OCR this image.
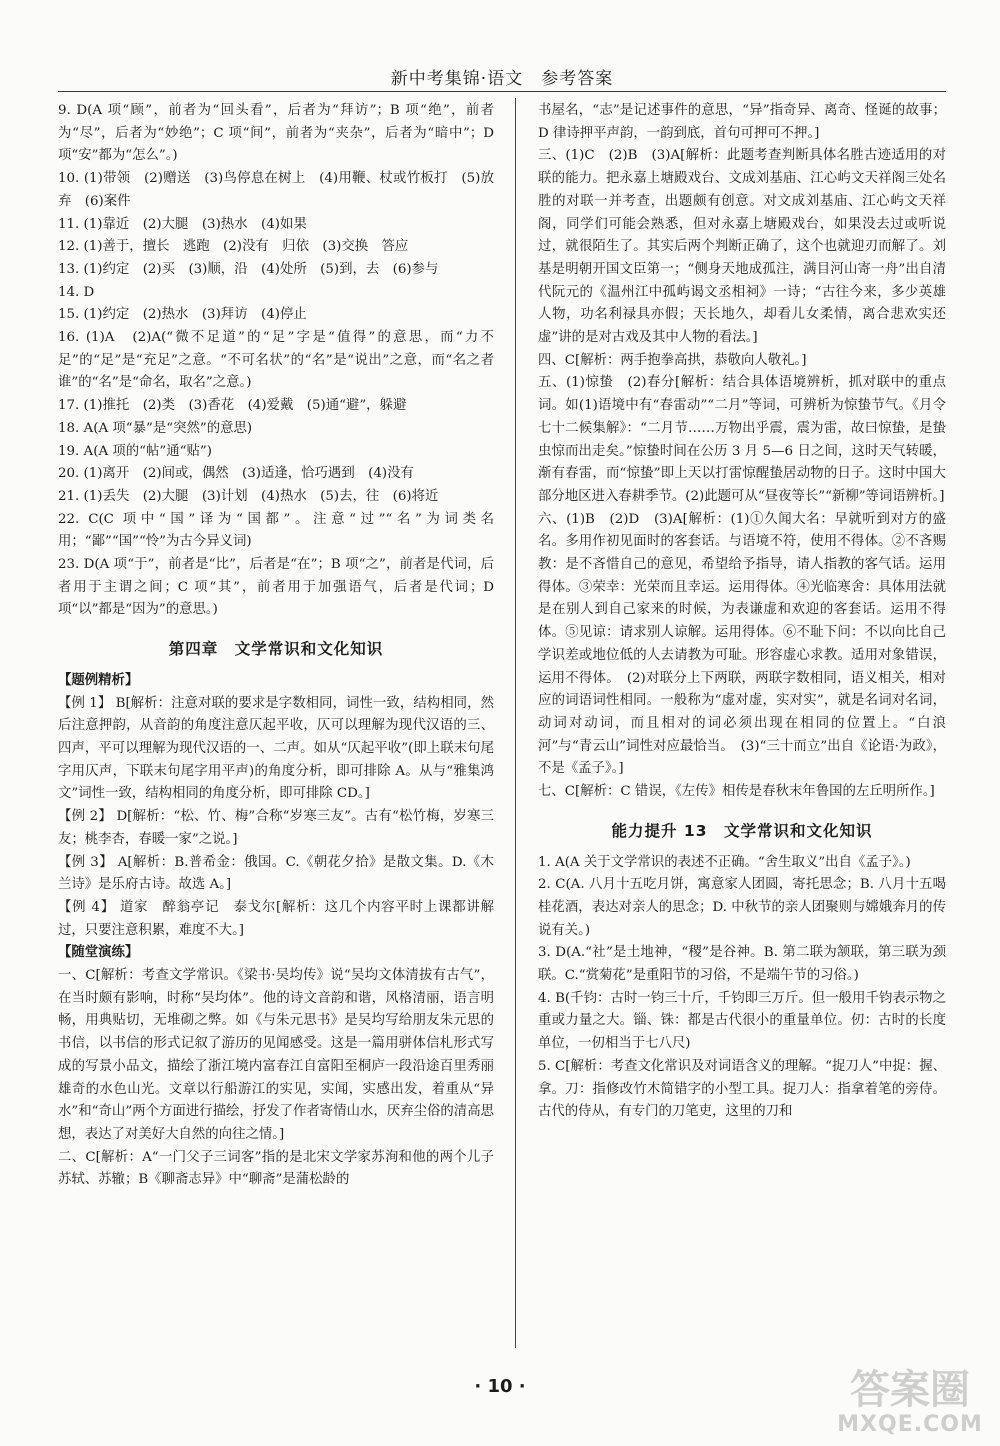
新中考集锦·语文　参考答案

9. D(A 项“顾”，前者为“回头看”，后者为“拜访”；B 项“绝”，前者为“尽”，后者为“妙绝”；C 项“间”，前者为“夹杂”，后者为“暗中”；D 项“安”都为“怎么”。)

10. (1)带领　(2)赠送　(3)鸟停息在树上　(4)用鞭、杖或竹板打　(5)放弃　(6)案件

11. (1)靠近　(2)大腿　(3)热水　(4)如果

12. (1)善于，擅长　逃跑　(2)没有　归依　(3)交换　答应

13. (1)约定　(2)买　(3)顺，沿　(4)处所　(5)到，去　(6)参与

14. D

15. (1)约定　(2)热水　(3)拜访　(4)停止

16. (1)A　(2)A(“微不足道”的“足”字是“值得”的意思，而“力不足”的“足”是“充足”之意。“不可名状”的“名”是“说出”之意，而“名之者谁”的“名”是“命名，取名”之意。)

17. (1)推托　(2)类　(3)香花　(4)爱戴　(5)通“避”，躲避

18. A(A 项“暴”是“突然”的意思)

19. A(A 项的“帖”通“贴”)

20. (1)离开　(2)间或，偶然　(3)适逢，恰巧遇到　(4)没有

21. (1)丢失　(2)大腿　(3)计划　(4)热水　(5)去，往　(6)将近

22. C(C 项中“国”译为“国都”。注意“过”“名”为词类名用；“鄙”“国”“怜”为古今异义词)

23. D(A 项“于”，前者是“比”，后者是“在”；B 项“之”，前者是代词，后者用于主谓之间；C 项“其”，前者用于加强语气，后者是代词；D 项“以”都是“因为”的意思。)

第四章　文学常识和文化知识
【题例精析】

【例 1】 B[解析：注意对联的要求是字数相同，词性一致，结构相同，然后注意押韵，从音韵的角度注意仄起平收，仄可以理解为现代汉语的三、四声，平可以理解为现代汉语的一、二声。如从“仄起平收”(即上联末句尾字用仄声，下联末句尾字用平声)的角度分析，即可排除 A。从与“雅集鸿文”词性一致，结构相同的角度分析，即可排除 CD。]

【例 2】 D[解析：“松、竹、梅”合称“岁寒三友”。古有“松竹梅，岁寒三友；桃李杏，春暖一家”之说。]

【例 3】 A[解析：B.普希金：俄国。C.《朝花夕拾》是散文集。D.《木兰诗》是乐府古诗。故选 A。]

【例 4】 道家　醉翁亭记　泰戈尔[解析：这几个内容平时上课都讲解过，只要注意积累，难度不大。]

【随堂演练】

一、C[解析：考查文学常识。《梁书·吴均传》说“吴均文体清拔有古气”，在当时颇有影响，时称“吴均体”。他的诗文音韵和谐，风格清丽，语言明畅，用典贴切，无堆砌之弊。如《与朱元思书》是吴均写给朋友朱元思的书信，以书信的形式记叙了游历的见闻感受。这是一篇用骈体信札形式写成的写景小品文，描绘了浙江境内富春江自富阳至桐庐一段沿途百里秀丽雄奇的水色山光。文章以行船游江的实见，实闻，实感出发，着重从“异水”和“奇山”两个方面进行描绘，抒发了作者寄情山水，厌弃尘俗的清高思想，表达了对美好大自然的向往之情。]

二、C[解析：A“一门父子三词客”指的是北宋文学家苏洵和他的两个儿子苏轼、苏辙；B《聊斋志异》中“聊斋”是蒲松龄的

书屋名，“志”是记述事件的意思，“异”指奇异、离奇、怪诞的故事；D 律诗押平声韵，一韵到底，首句可押可不押。]

三、(1)C　(2)B　(3)A[解析：此题考查判断具体名胜古迹适用的对联的能力。把永嘉上塘殿戏台、文成刘基庙、江心屿文天祥阁三处名胜的对联一并考查，出题颇有创意。对文成刘基庙、江心屿文天祥阁，同学们可能会熟悉，但对永嘉上塘殿戏台，如果没去过或听说过，就很陌生了。其实后两个判断正确了，这个也就迎刃而解了。刘基是明朝开国文臣第一；“侧身天地成孤注，满目河山寄一舟”出自清代阮元的《温州江中孤屿谒文丞相祠》一诗；“古往今来，多少英雄人物，功名利禄具亦假；天长地久，却看儿女柔情，离合悲欢实还虚”讲的是对古戏及其中人物的看法。]

四、C[解析：两手抱拳高拱，恭敬向人敬礼。]

五、(1)惊蛰　(2)春分[解析：结合具体语境辨析，抓对联中的重点词。如(1)语境中有“春雷动”“二月”等词，可辨析为惊蛰节气。《月令七十二候集解》：“二月节……万物出乎震，震为雷，故曰惊蛰，是蛰虫惊而出走矣。”惊蛰时间在公历 3 月 5—6 日之间，这时天气转暖，渐有春雷，而“惊蛰”即上天以打雷惊醒蛰居动物的日子。这时中国大部分地区进入春耕季节。(2)此题可从“昼夜等长”“新柳”等词语辨析。]

六、(1)B　(2)D　(3)A[解析：(1)①久闻大名：早就听到对方的盛名。多用作初见面时的客套话。与语境不符，使用不得体。②不吝赐教：是不吝惜自己的意见，希望给予指导，请人指教的客气话。运用得体。③荣幸：光荣而且幸运。运用得体。④光临寒舍：具体用法就是在别人到自己家来的时候，为表谦虚和欢迎的客套话。运用不得体。⑤见谅：请求别人谅解。运用得体。⑥不耻下问：不以向比自己学识差或地位低的人去请教为可耻。形容虚心求教。适用对象错误，运用不得体。　(2)对联分上下两联，两联字数相同，语义相关，相对应的词语词性相同。一般称为“虚对虚，实对实”，就是名词对名词，动词对动词，而且相对的词必须出现在相同的位置上。“白浪河”与“青云山”词性对应最恰当。　(3)“三十而立”出自《论语·为政》，不是《孟子》。]

七、C[解析：C 错误，《左传》相传是春秋末年鲁国的左丘明所作。]

能力提升 13　文学常识和文化知识

1. A(A 关于文学常识的表述不正确。“舍生取义”出自《孟子》。)

2. C(A. 八月十五吃月饼，寓意家人团圆，寄托思念；B. 八月十五喝桂花酒，表达对亲人的思念；D. 中秋节的亲人团聚则与嫦娥奔月的传说有关。)

3. D(A.“社”是土地神，“稷”是谷神。B. 第二联为颔联，第三联为颈联。C.“赏菊花”是重阳节的习俗，不是端午节的习俗。)

4. B(千钧：古时一钧三十斤，千钧即三万斤。但一般用千钧表示物之重或力量之大。锱、铢：都是古代很小的重量单位。仞：古时的长度单位，一仞相当于七八尺)

5. C[解析：考查文化常识及对词语含义的理解。“捉刀人”中捉：握、拿。刀：指修改竹木简错字的小型工具。捉刀人：指拿着笔的旁侍。古代的侍从，有专门的刀笔吏，这里的刀和

· 10 ·	答案圈
MXQE.COM
